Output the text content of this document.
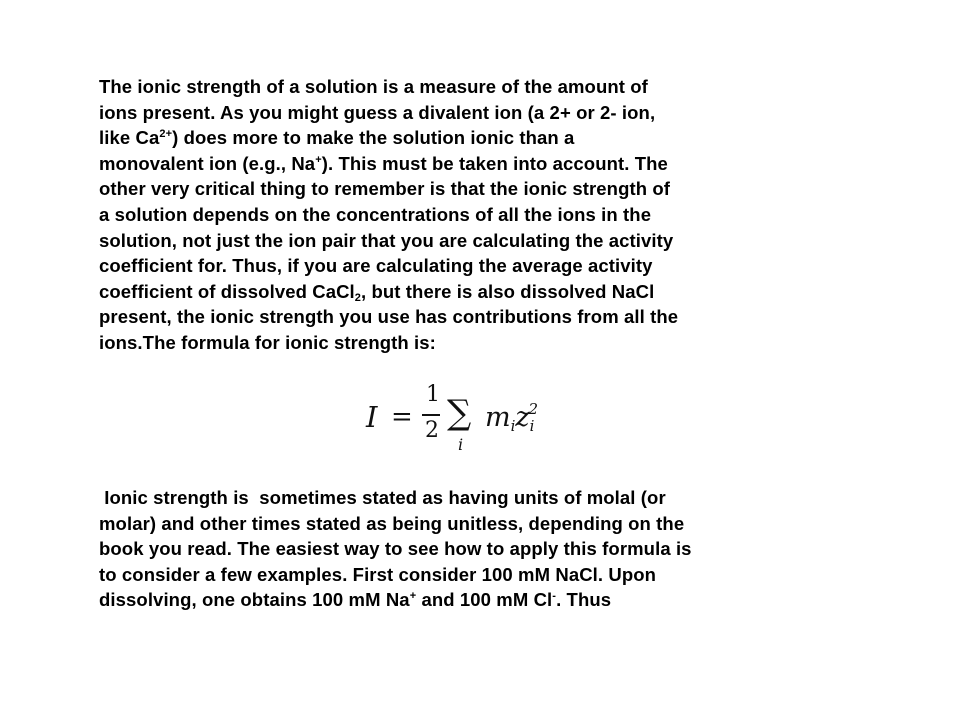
The ionic strength of a solution is a measure of the amount of
ions present. As you might guess a divalent ion (a 2+ or 2- ion,
like $Ca^{2+}$) does more to make the solution ionic than a
monovalent ion (e.g., Na+). This must be taken into account. The
other very critical thing to remember is that the ionic strength of
a solution depends on the concentrations of all the ions in the
solution, not just the ion pair that you are calculating the activity
coefficient for. Thus, if you are calculating the average activity
coefficient of dissolved CaCl$_2$, but there is also dissolved NaCl
present, the ionic strength you use has contributions from all the
ions.The formula for ionic strength is:
I =
1
2 ∑
i
$m_iz_i^2$
Ionic strength is  sometimes stated as having units of molal (or
molar) and other times stated as being unitless, depending on the
book you read. The easiest way to see how to apply this formula is
to consider a few examples. First consider 100 mM NaCl. Upon
dissolving, one obtains 100 mM Na+ and 100 mM Cl-. Thus
